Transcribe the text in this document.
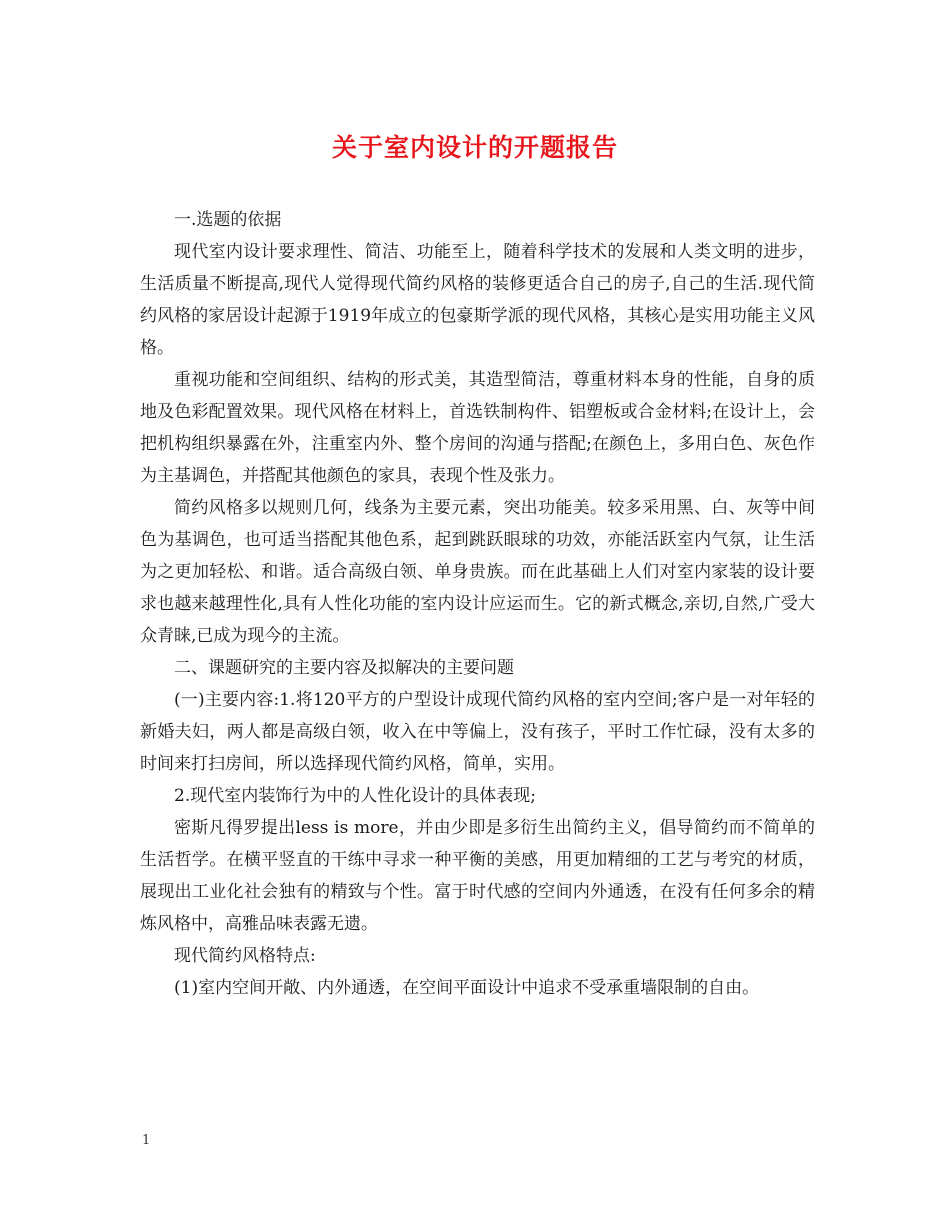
关于室内设计的开题报告

一.选题的依据

现代室内设计要求理性、简洁、功能至上，随着科学技术的发展和人类文明的进步，生活质量不断提高,现代人觉得现代简约风格的装修更适合自己的房子,自己的生活.现代简约风格的家居设计起源于1919年成立的包豪斯学派的现代风格，其核心是实用功能主义风格。

重视功能和空间组织、结构的形式美，其造型简洁，尊重材料本身的性能，自身的质地及色彩配置效果。现代风格在材料上，首选铁制构件、铝塑板或合金材料;在设计上，会把机构组织暴露在外，注重室内外、整个房间的沟通与搭配;在颜色上，多用白色、灰色作为主基调色，并搭配其他颜色的家具，表现个性及张力。

简约风格多以规则几何，线条为主要元素，突出功能美。较多采用黑、白、灰等中间色为基调色，也可适当搭配其他色系，起到跳跃眼球的功效，亦能活跃室内气氛，让生活为之更加轻松、和谐。适合高级白领、单身贵族。而在此基础上人们对室内家装的设计要求也越来越理性化,具有人性化功能的室内设计应运而生。它的新式概念,亲切,自然,广受大众青睐,已成为现今的主流。

二、课题研究的主要内容及拟解决的主要问题

(一)主要内容:1.将120平方的户型设计成现代简约风格的室内空间;客户是一对年轻的新婚夫妇，两人都是高级白领，收入在中等偏上，没有孩子，平时工作忙碌，没有太多的时间来打扫房间，所以选择现代简约风格，简单，实用。

2.现代室内装饰行为中的人性化设计的具体表现;

密斯凡得罗提出less is more，并由少即是多衍生出简约主义，倡导简约而不简单的生活哲学。在横平竖直的干练中寻求一种平衡的美感，用更加精细的工艺与考究的材质，展现出工业化社会独有的精致与个性。富于时代感的空间内外通透，在没有任何多余的精炼风格中，高雅品味表露无遗。

现代简约风格特点:

(1)室内空间开敞、内外通透，在空间平面设计中追求不受承重墙限制的自由。

1
